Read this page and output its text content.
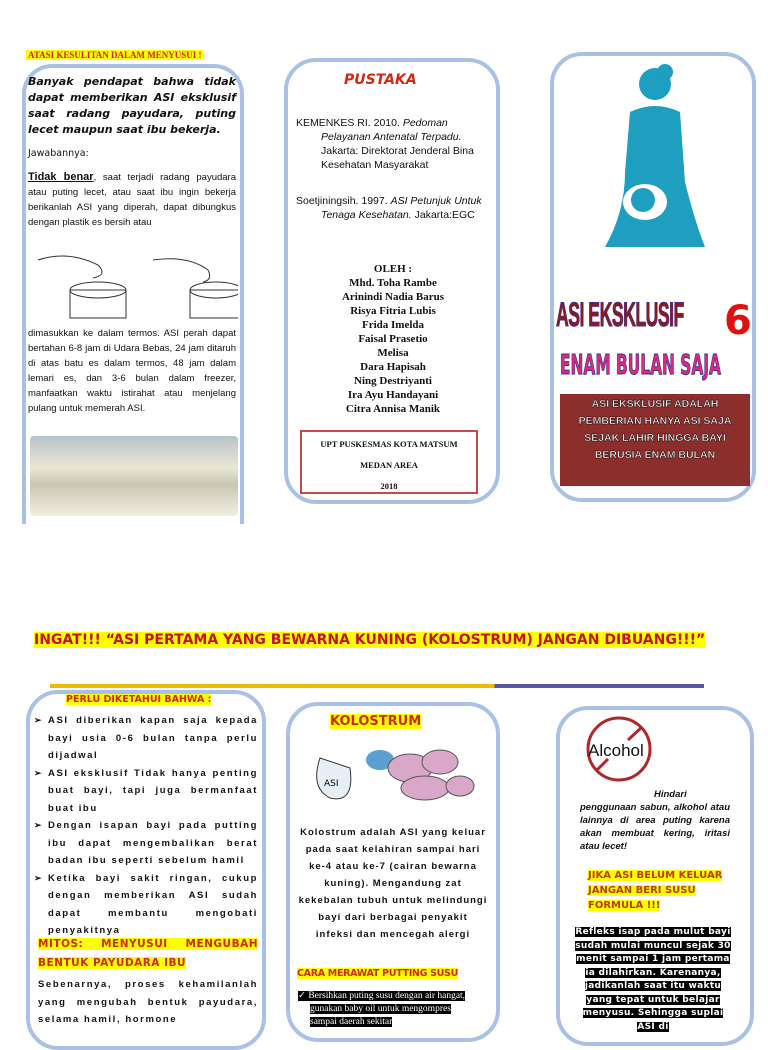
ATASI KESULITAN DALAM MENYUSUI !
Banyak pendapat bahwa tidak dapat memberikan ASI eksklusif saat radang payudara, puting lecet maupun saat ibu bekerja.
Jawabannya:
Tidak benar, saat terjadi radang payudara atau puting lecet, atau saat ibu ingin bekerja berikanlah ASI yang diperah, dapat dibungkus dengan plastik es bersih atau
dimasukkan ke dalam termos. ASI perah dapat bertahan 6-8 jam di Udara Bebas, 24 jam ditaruh di atas batu es dalam termos, 48 jam dalam lemari es, dan 3-6 bulan dalam freezer, manfaatkan waktu istirahat atau menjelang pulang untuk memerah ASI.
PUSTAKA
KEMENKES RI. 2010. Pedoman Pelayanan Antenatal Terpadu. Jakarta: Direktorat Jenderal Bina Kesehatan Masyarakat
Soetjiningsih. 1997. ASI Petunjuk Untuk Tenaga Kesehatan. Jakarta:EGC
OLEH :
Mhd. Toha Rambe
Arinindi Nadia Barus
Risya Fitria Lubis
Frida Imelda
Faisal Prasetio
Melisa
Dara Hapisah
Ning Destriyanti
Ira Ayu Handayani
Citra Annisa Manik
UPT PUSKESMAS KOTA MATSUM
MEDAN AREA
2018
ASI EKSKLUSIF 6
ENAM BULAN SAJA
ASI EKSKLUSIF ADALAH PEMBERIAN HANYA ASI SAJA SEJAK LAHIR HINGGA BAYI BERUSIA ENAM BULAN
INGAT!!! “ASI PERTAMA YANG BEWARNA KUNING (KOLOSTRUM) JANGAN DIBUANG!!!”
PERLU DIKETAHUI BAHWA :
➢ ASI diberikan kapan saja kepada bayi usia 0-6 bulan tanpa perlu dijadwal
➢ ASI eksklusif Tidak hanya penting buat bayi, tapi juga bermanfaat buat ibu
➢ Dengan isapan bayi pada putting ibu dapat mengembalikan berat badan ibu seperti sebelum hamil
➢ Ketika bayi sakit ringan, cukup dengan memberikan ASI sudah dapat membantu mengobati penyakitnya
MITOS: MENYUSUI MENGUBAH BENTUK PAYUDARA IBU
Sebenarnya, proses kehamilanlah yang mengubah bentuk payudara, selama hamil, hormone
KOLOSTRUM
ASI
Kolostrum adalah ASI yang keluar pada saat kelahiran sampai hari ke-4 atau ke-7 (cairan bewarna kuning). Mengandung zat kekebalan tubuh untuk melindungi bayi dari berbagai penyakit infeksi dan mencegah alergi
CARA MERAWAT PUTTING SUSU
✓ Bersihkan puting susu dengan air hangat, gunakan baby oil untuk mengompres sampai daerah sekitar
Alcohol
Hindari penggunaan sabun, alkohol atau lainnya di area puting karena akan membuat kering, iritasi atau lecet!
JIKA ASI BELUM KELUAR JANGAN BERI SUSU FORMULA !!!
Refleks isap pada mulut bayi sudah mulai muncul sejak 30 menit sampai 1 jam pertama ia dilahirkan. Karenanya, jadikanlah saat itu waktu yang tepat untuk belajar menyusu. Sehingga suplai ASI di
